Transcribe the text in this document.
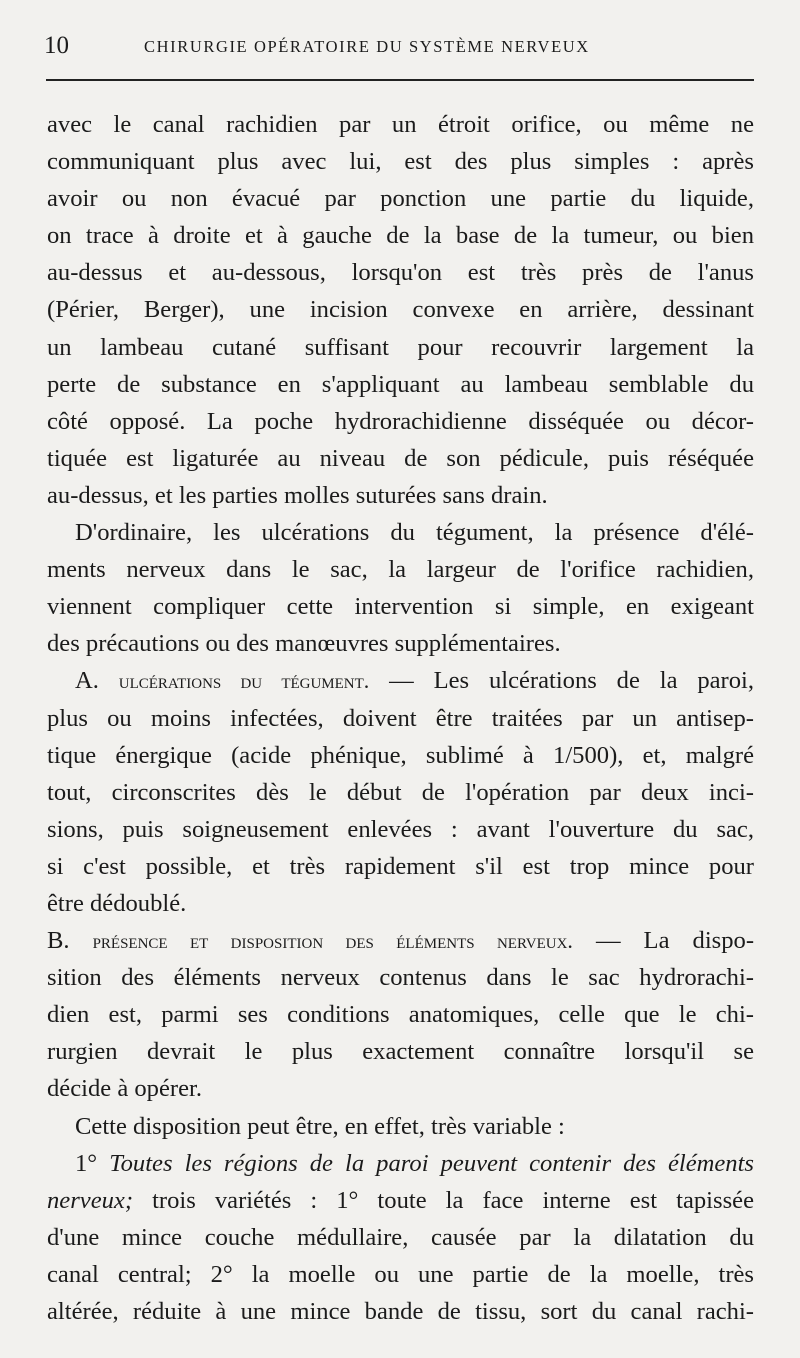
10	CHIRURGIE OPÉRATOIRE DU SYSTÈME NERVEUX
avec le canal rachidien par un étroit orifice, ou même ne
communiquant plus avec lui, est des plus simples : après
avoir ou non évacué par ponction une partie du liquide,
on trace à droite et à gauche de la base de la tumeur, ou bien
au-dessus et au-dessous, lorsqu'on est très près de l'anus
(Périer, Berger), une incision convexe en arrière, dessinant
un lambeau cutané suffisant pour recouvrir largement la
perte de substance en s'appliquant au lambeau semblable du
côté opposé. La poche hydrorachidienne disséquée ou décor-
tiquée est ligaturée au niveau de son pédicule, puis réséquée
au-dessus, et les parties molles suturées sans drain.
D'ordinaire, les ulcérations du tégument, la présence d'élé-
ments nerveux dans le sac, la largeur de l'orifice rachidien,
viennent compliquer cette intervention si simple, en exigeant
des précautions ou des manœuvres supplémentaires.
A. ulcérations du tégument. — Les ulcérations de la paroi,
plus ou moins infectées, doivent être traitées par un antisep-
tique énergique (acide phénique, sublimé à 1/500), et, malgré
tout, circonscrites dès le début de l'opération par deux inci-
sions, puis soigneusement enlevées : avant l'ouverture du sac,
si c'est possible, et très rapidement s'il est trop mince pour
être dédoublé.
B. présence et disposition des éléments nerveux. — La dispo-
sition des éléments nerveux contenus dans le sac hydrorachi-
dien est, parmi ses conditions anatomiques, celle que le chi-
rurgien devrait le plus exactement connaître lorsqu'il se
décide à opérer.
Cette disposition peut être, en effet, très variable :
1° Toutes les régions de la paroi peuvent contenir des éléments
nerveux; trois variétés : 1° toute la face interne est tapissée
d'une mince couche médullaire, causée par la dilatation du
canal central; 2° la moelle ou une partie de la moelle, très
altérée, réduite à une mince bande de tissu, sort du canal rachi-
